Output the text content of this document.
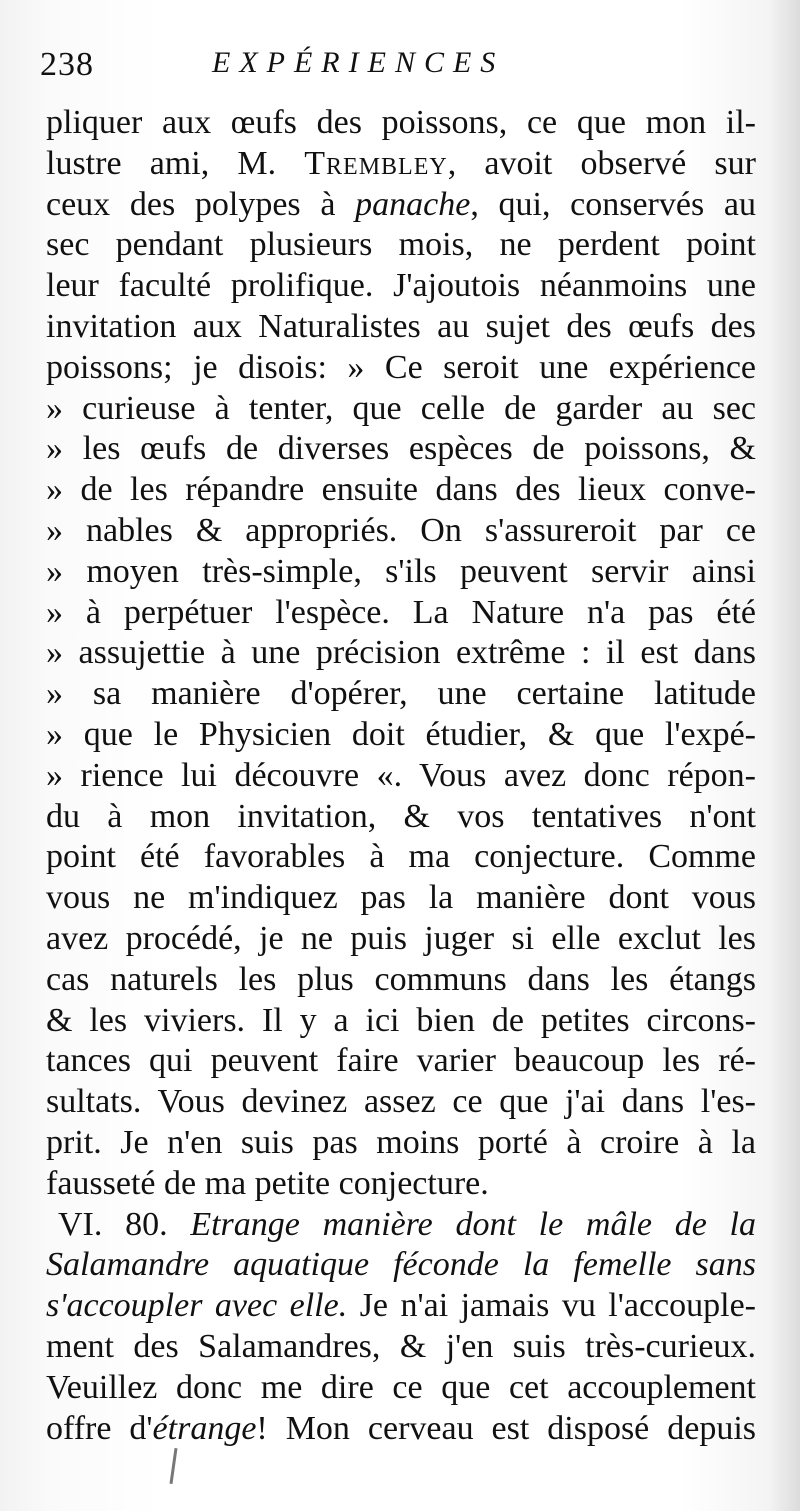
238	EXPÉRIENCES
pliquer aux œufs des poissons, ce que mon il-
lustre ami, M. Trembley, avoit observé sur
ceux des polypes à panache, qui, conservés au
sec pendant plusieurs mois, ne perdent point
leur faculté prolifique. J'ajoutois néanmoins une
invitation aux Naturalistes au sujet des œufs des
poissons; je disois: » Ce seroit une expérience
» curieuse à tenter, que celle de garder au sec
» les œufs de diverses espèces de poissons, &
» de les répandre ensuite dans des lieux conve-
» nables & appropriés. On s'assureroit par ce
» moyen très-simple, s'ils peuvent servir ainsi
» à perpétuer l'espèce. La Nature n'a pas été
» assujettie à une précision extrême : il est dans
» sa manière d'opérer, une certaine latitude
» que le Physicien doit étudier, & que l'expé-
» rience lui découvre «. Vous avez donc répon-
du à mon invitation, & vos tentatives n'ont
point été favorables à ma conjecture. Comme
vous ne m'indiquez pas la manière dont vous
avez procédé, je ne puis juger si elle exclut les
cas naturels les plus communs dans les étangs
& les viviers. Il y a ici bien de petites circons-
tances qui peuvent faire varier beaucoup les ré-
sultats. Vous devinez assez ce que j'ai dans l'es-
prit. Je n'en suis pas moins porté à croire à la
fausseté de ma petite conjecture.
VI. 80. Etrange manière dont le mâle de la
Salamandre aquatique féconde la femelle sans
s'accoupler avec elle. Je n'ai jamais vu l'accouple-
ment des Salamandres, & j'en suis très-curieux.
Veuillez donc me dire ce que cet accouplement
offre d'étrange! Mon cerveau est disposé depuis
